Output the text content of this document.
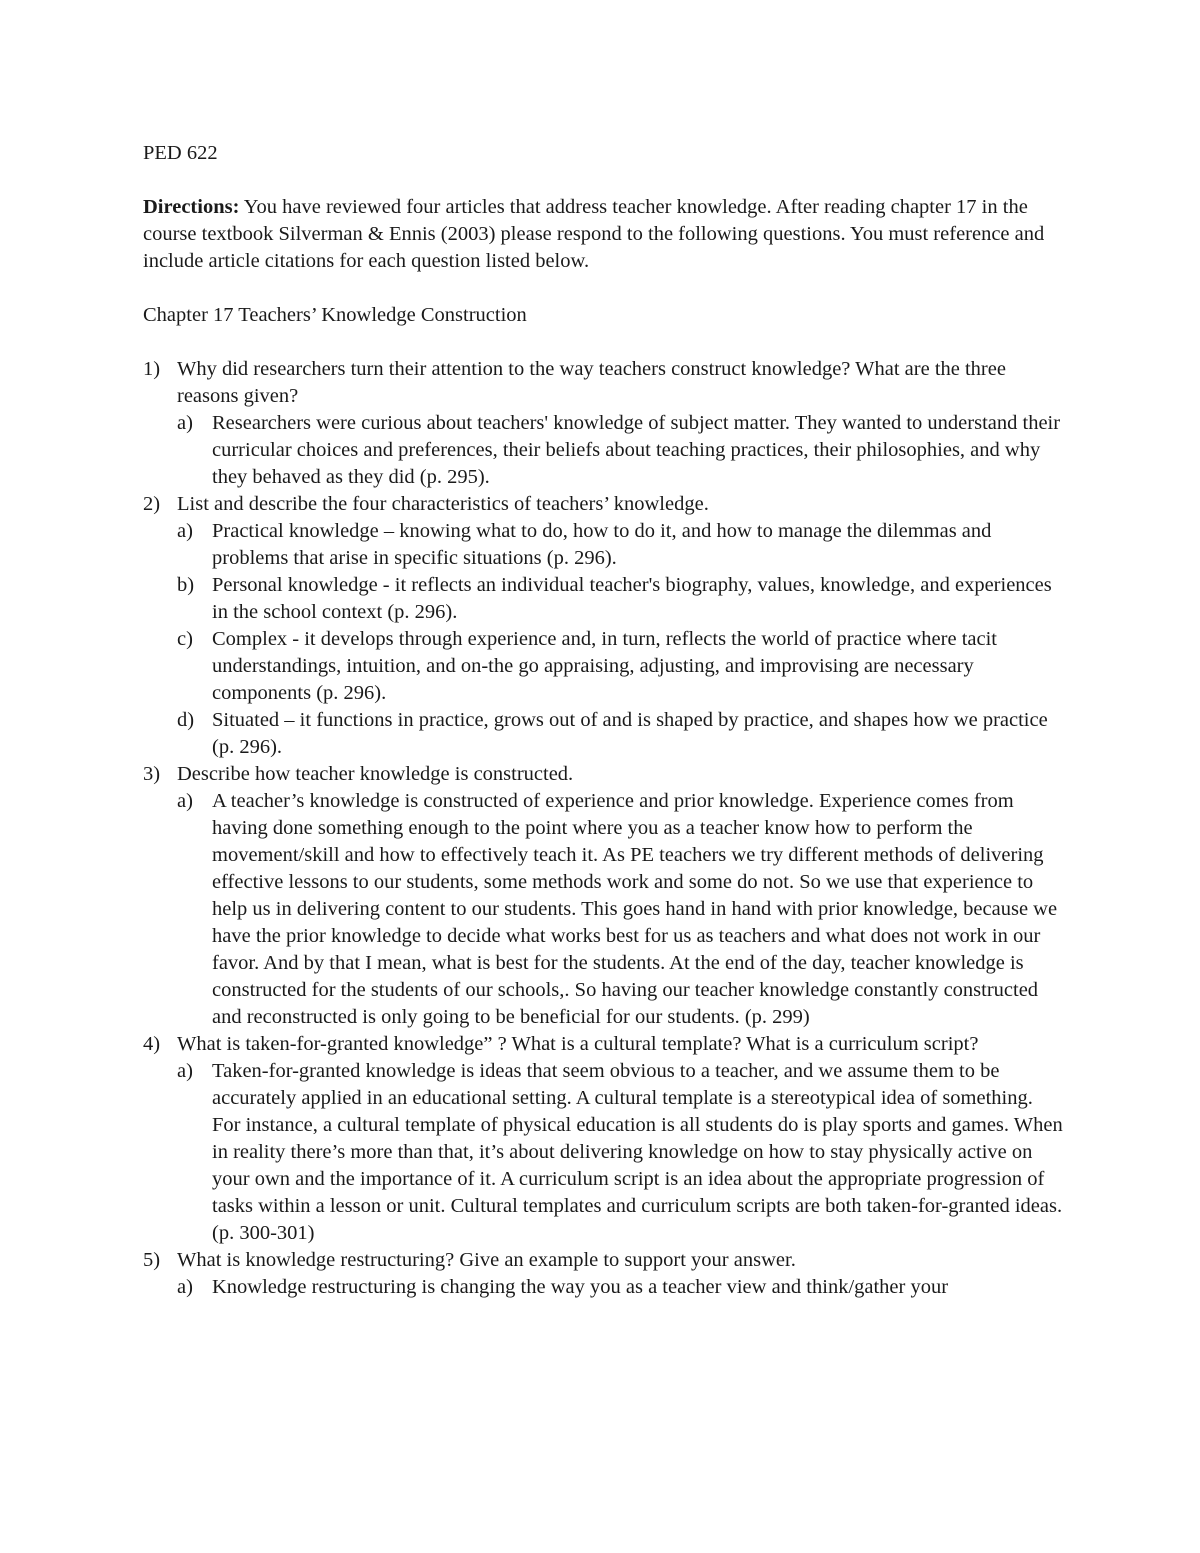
PED 622

Directions: You have reviewed four articles that address teacher knowledge. After reading chapter 17 in the course textbook Silverman & Ennis (2003) please respond to the following questions. You must reference and include article citations for each question listed below.

Chapter 17 Teachers’ Knowledge Construction

1) Why did researchers turn their attention to the way teachers construct knowledge? What are the three reasons given?
a) Researchers were curious about teachers' knowledge of subject matter. They wanted to understand their curricular choices and preferences, their beliefs about teaching practices, their philosophies, and why they behaved as they did (p. 295).
2) List and describe the four characteristics of teachers’ knowledge.
a) Practical knowledge – knowing what to do, how to do it, and how to manage the dilemmas and problems that arise in specific situations (p. 296).
b) Personal knowledge - it reflects an individual teacher's biography, values, knowledge, and experiences in the school context (p. 296).
c) Complex - it develops through experience and, in turn, reflects the world of practice where tacit understandings, intuition, and on-the go appraising, adjusting, and improvising are necessary components (p. 296).
d) Situated – it functions in practice, grows out of and is shaped by practice, and shapes how we practice (p. 296).
3) Describe how teacher knowledge is constructed.
a) A teacher’s knowledge is constructed of experience and prior knowledge. Experience comes from having done something enough to the point where you as a teacher know how to perform the movement/skill and how to effectively teach it. As PE teachers we try different methods of delivering effective lessons to our students, some methods work and some do not. So we use that experience to help us in delivering content to our students. This goes hand in hand with prior knowledge, because we have the prior knowledge to decide what works best for us as teachers and what does not work in our favor. And by that I mean, what is best for the students. At the end of the day, teacher knowledge is constructed for the students of our schools,. So having our teacher knowledge constantly constructed and reconstructed is only going to be beneficial for our students. (p. 299)
4) What is taken-for-granted knowledge” ? What is a cultural template? What is a curriculum script?
a) Taken-for-granted knowledge is ideas that seem obvious to a teacher, and we assume them to be accurately applied in an educational setting. A cultural template is a stereotypical idea of something. For instance, a cultural template of physical education is all students do is play sports and games. When in reality there’s more than that, it’s about delivering knowledge on how to stay physically active on your own and the importance of it. A curriculum script is an idea about the appropriate progression of tasks within a lesson or unit. Cultural templates and curriculum scripts are both taken-for-granted ideas. (p. 300-301)
5) What is knowledge restructuring? Give an example to support your answer.
a) Knowledge restructuring is changing the way you as a teacher view and think/gather your
